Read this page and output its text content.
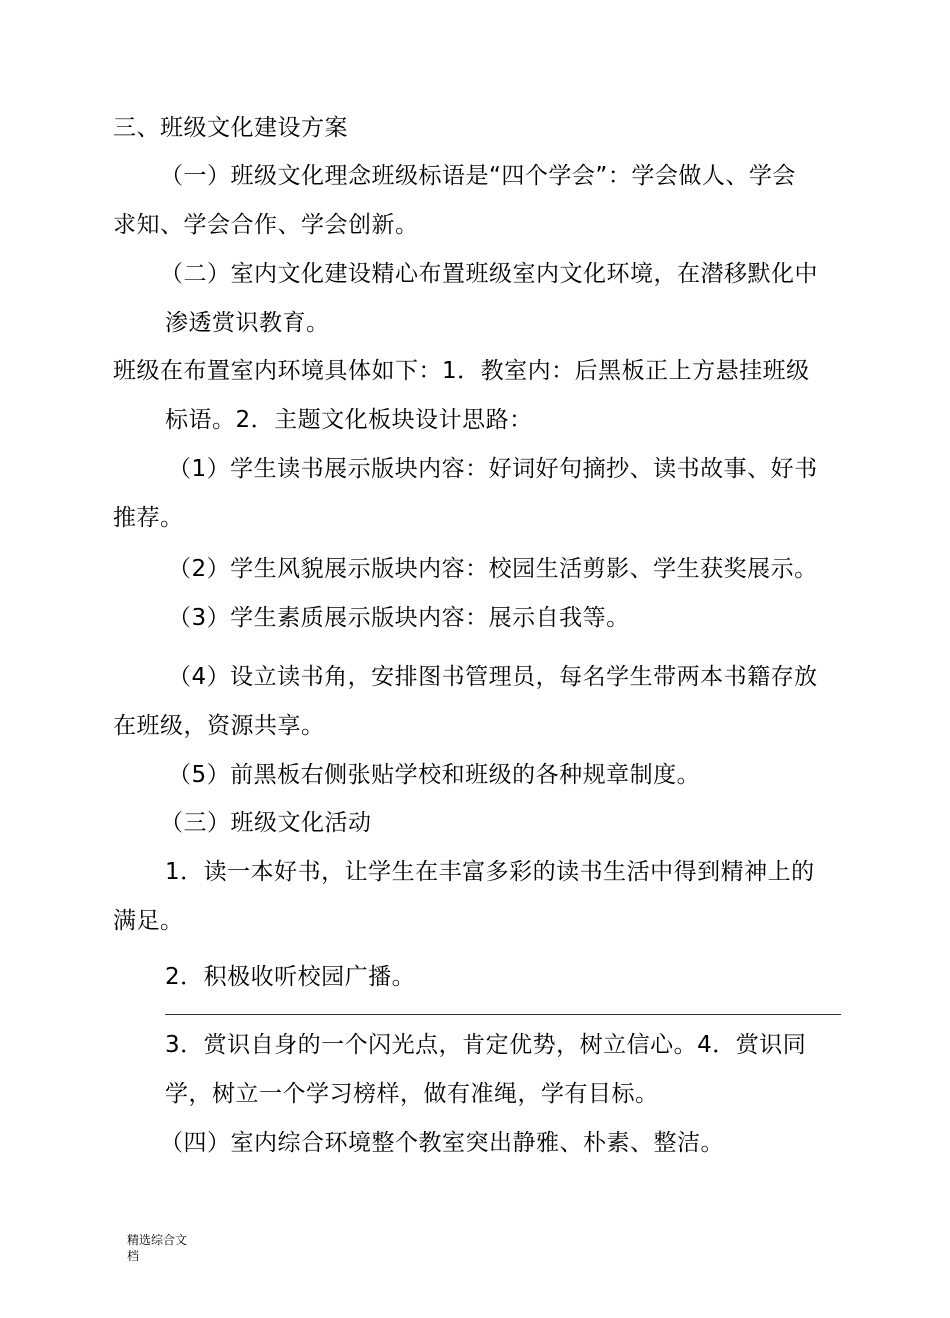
三、班级文化建设方案
（一）班级文化理念班级标语是“四个学会”：学会做人、学会
求知、学会合作、学会创新。
（二）室内文化建设精心布置班级室内文化环境，在潜移默化中
渗透赏识教育。
班级在布置室内环境具体如下：1．教室内：后黑板正上方悬挂班级
标语。2．主题文化板块设计思路：
（1）学生读书展示版块内容：好词好句摘抄、读书故事、好书
推荐。
（2）学生风貌展示版块内容：校园生活剪影、学生获奖展示。
（3）学生素质展示版块内容：展示自我等。
（4）设立读书角，安排图书管理员，每名学生带两本书籍存放
在班级，资源共享。
（5）前黑板右侧张贴学校和班级的各种规章制度。
（三）班级文化活动
1．读一本好书，让学生在丰富多彩的读书生活中得到精神上的
满足。
2．积极收听校园广播。
3．赏识自身的一个闪光点，肯定优势，树立信心。4．赏识同
学，树立一个学习榜样，做有准绳，学有目标。
（四）室内综合环境整个教室突出静雅、朴素、整洁。
精选综合文
档
